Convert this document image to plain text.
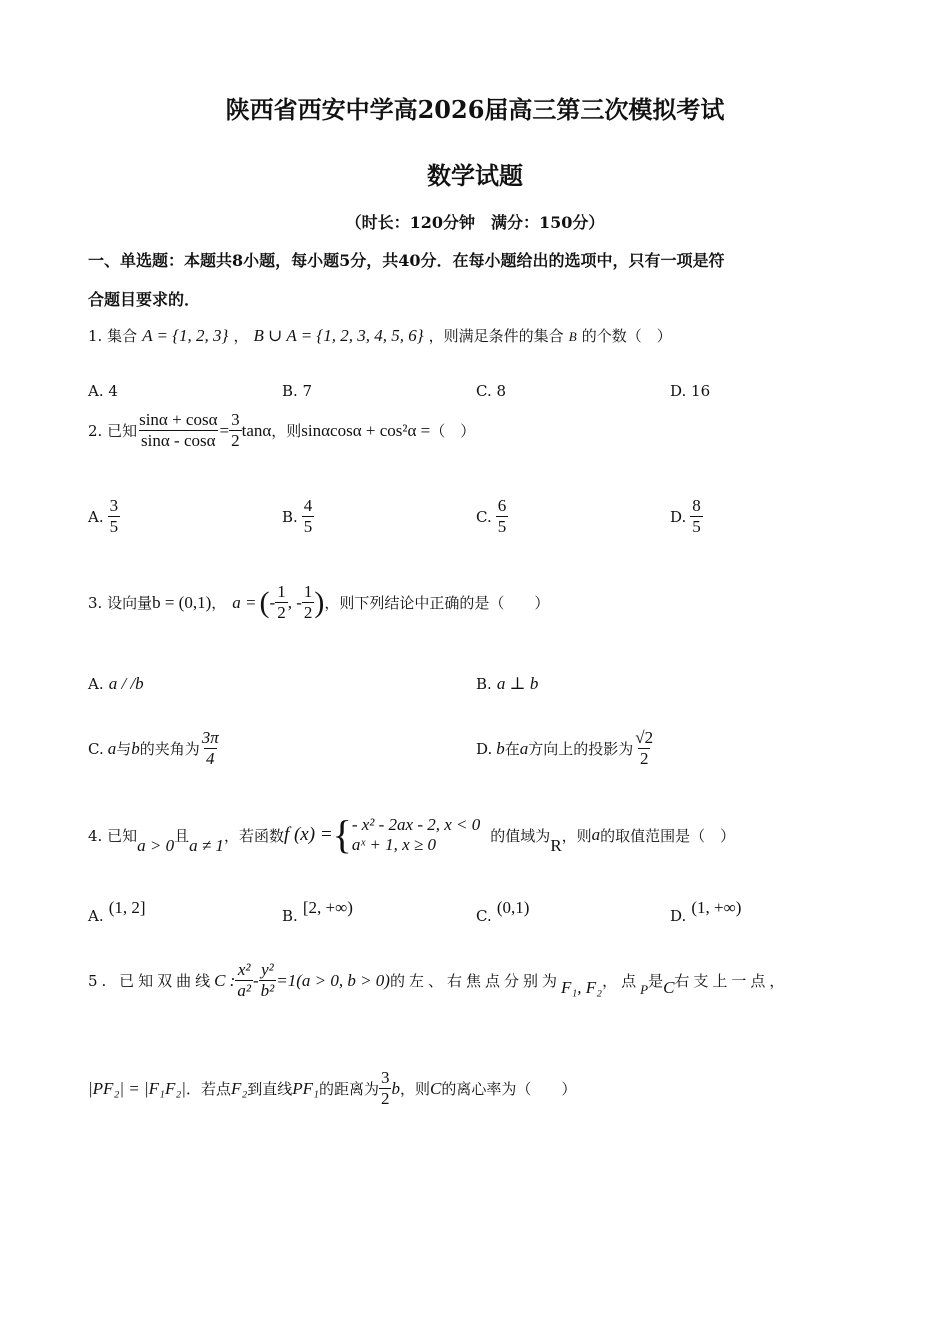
陕西省西安中学高2026届高三第三次模拟考试
数学试题
（时长：120分钟　满分：150分）
一、单选题：本题共8小题，每小题5分，共40分．在每小题给出的选项中，只有一项是符
合题目要求的．
1. 集合 A = {1, 2, 3} ， B ∪ A = {1, 2, 3, 4, 5, 6} ，则满足条件的集合 B 的个数（　）
A. 4	B. 7	C. 8	D. 16
2. 已知 $\frac{\sin\alpha + \cos\alpha}{\sin\alpha - \cos\alpha} = \frac{3}{2}$ tanα ，则 sinαcosα + cos²α = （　）
A. $\frac{3}{5}$	B. $\frac{4}{5}$	C. $\frac{6}{5}$	D. $\frac{8}{5}$
3. 设向量 b = (0,1) ， a = ( - $\frac{1}{2}$ , - $\frac{1}{2}$ ) ，则下列结论中正确的是（　　）
A. a / /b	B. a ⊥ b
C. a 与 b 的夹角为 $\frac{3\pi}{4}$	D. b 在 a 方向上的投影为 $\frac{√2}{2}$
4. 已知
a > 0
且
a ≠ 1
，若函数 f (x) = { - x² - 2ax - 2, x < 0
aˣ + 1, x ≥ 0	的值域为
R
，则 a 的取值范围是（　）
A. (1, 2]	B. [2, +∞)	C. (0,1)	D. (1, +∞)
5. 已知双曲线 C : $\frac{\text{x²}}{\text{a²}} - \frac{\text{y²}}{\text{b²}} =1(a > 0$, b > 0) 的左、右焦点分别为 F₁, F₂ ，点 P 是 C 右支上一点，
|PF₂| = |F₁F₂| ．若点 F₂ 到直线 PF₁ 的距离为 $\frac{3}{2}$ b ，则 C 的离心率为（　　）
